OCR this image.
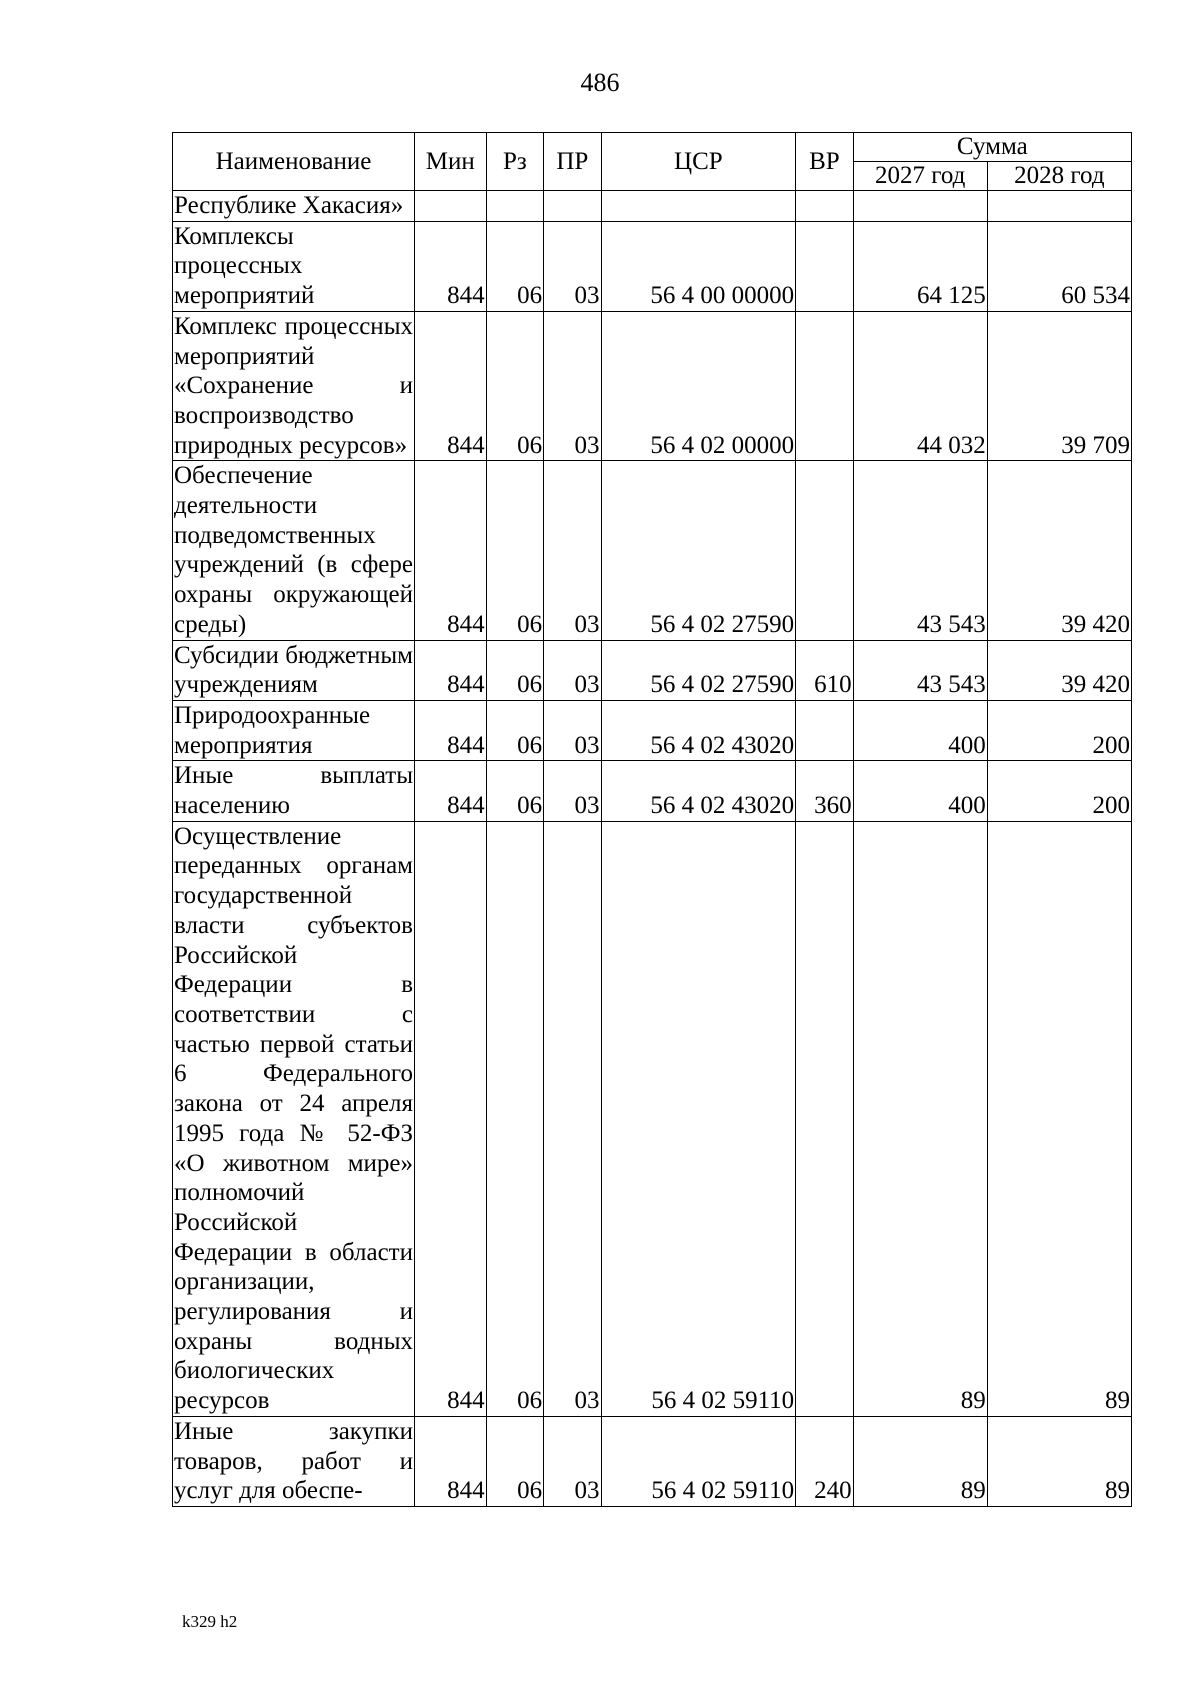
486
Наименование	Мин	Рз	ПР	ЦСР	ВР	Сумма	
						2027 год	2028 год
Республике Хакасия»							
Комплексы процессных мероприятий	844	06	03	56 4 00 00000		64 125	60 534
Комплекс процессных мероприятий «Сохранение и воспроизводство природных ресурсов»	844	06	03	56 4 02 00000		44 032	39 709
Обеспечение деятельности подведомственных учреждений (в сфере охраны окружающей среды)	844	06	03	56 4 02 27590		43 543	39 420
Субсидии бюджетным учреждениям	844	06	03	56 4 02 27590	610	43 543	39 420
Природоохранные мероприятия	844	06	03	56 4 02 43020		400	200
Иные выплаты населению	844	06	03	56 4 02 43020	360	400	200
Осуществление переданных органам государственной власти субъектов Российской Федерации в соответствии с частью первой статьи 6 Федерального закона от 24 апреля 1995 года № 52-ФЗ «О животном мире» полномочий Российской Федерации в области организации, регулирования и охраны водных биологических ресурсов	844	06	03	56 4 02 59110		89	89
Иные закупки товаров, работ и услуг для обеспе-	844	06	03	56 4 02 59110	240	89	89
k329 h2
